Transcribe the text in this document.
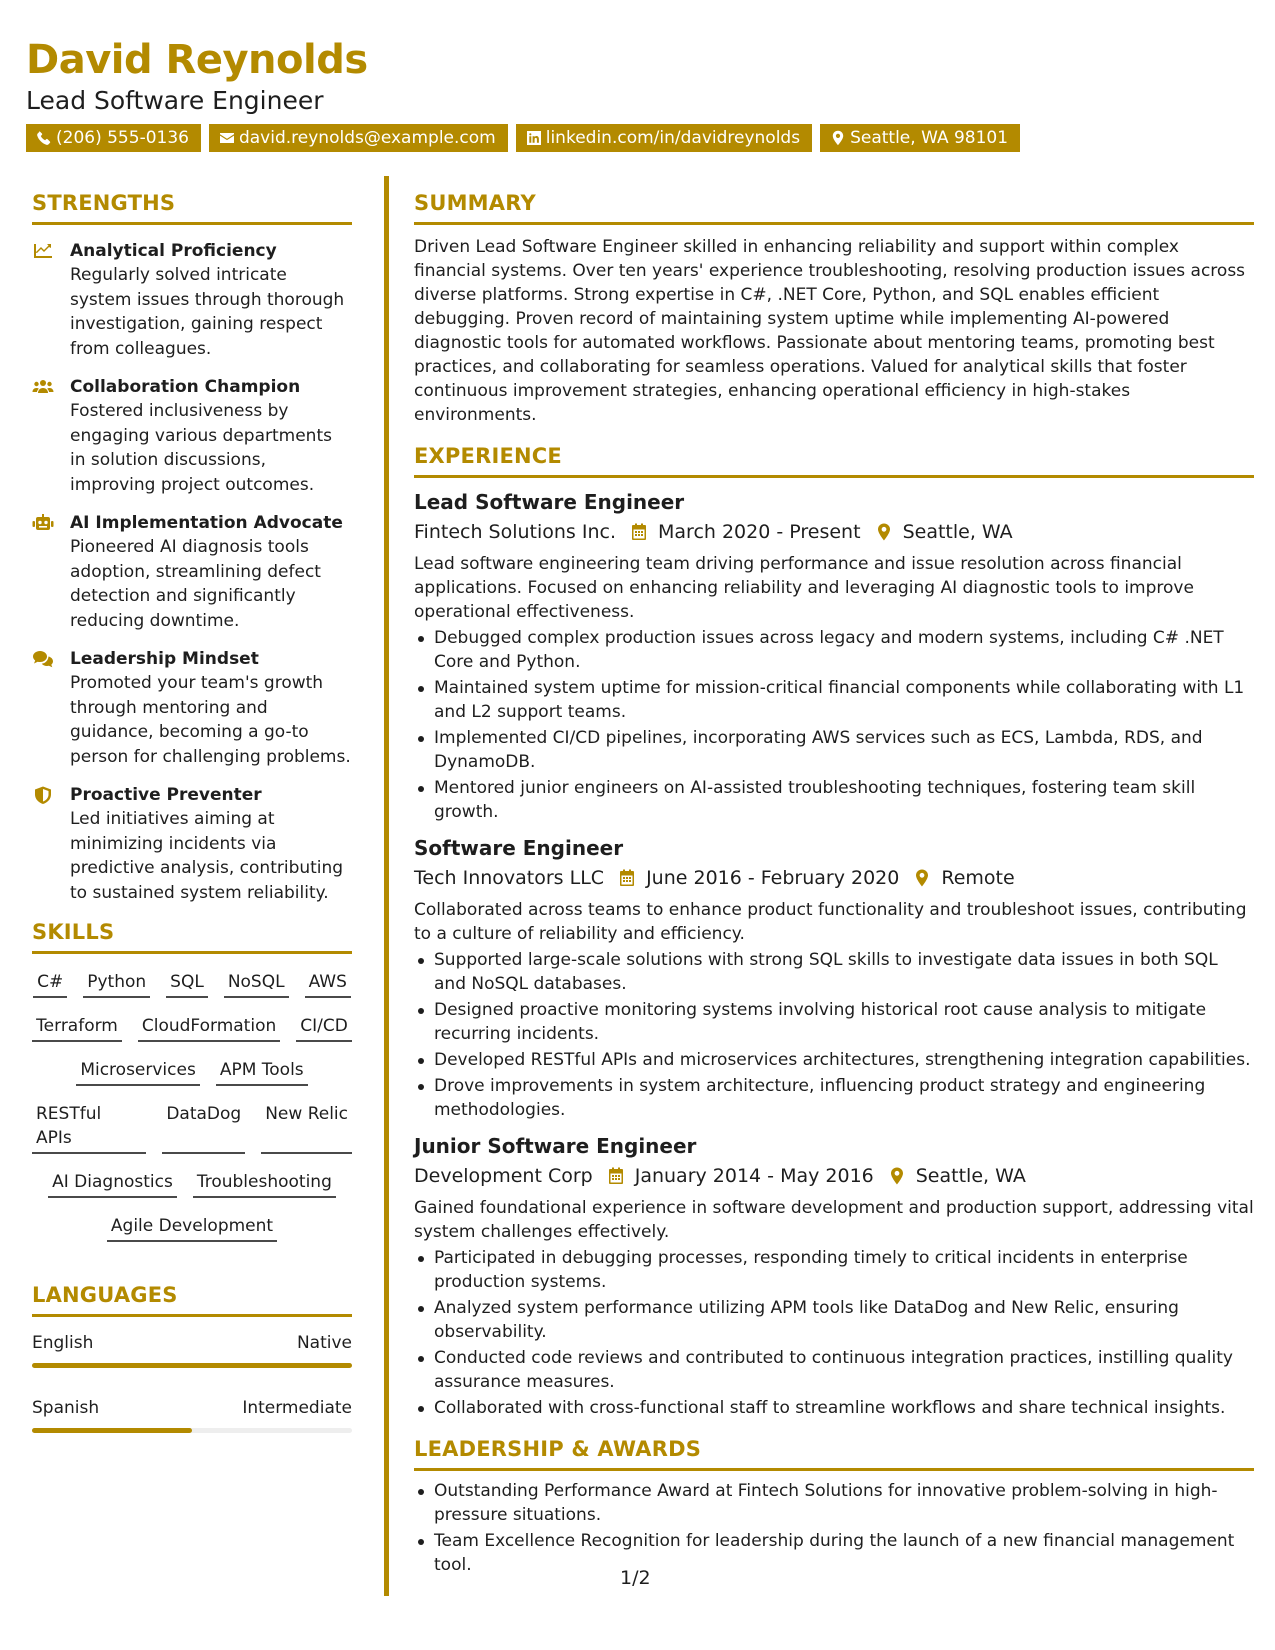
David Reynolds
Lead Software Engineer
(206) 555-0136	david.reynolds@example.com	linkedin.com/in/davidreynolds	Seattle, WA 98101
STRENGTHS
Analytical Proficiency
Regularly solved intricate system issues through thorough investigation, gaining respect from colleagues.
Collaboration Champion
Fostered inclusiveness by engaging various departments in solution discussions, improving project outcomes.
AI Implementation Advocate
Pioneered AI diagnosis tools adoption, streamlining defect detection and significantly reducing downtime.
Leadership Mindset
Promoted your team's growth through mentoring and guidance, becoming a go-to person for challenging problems.
Proactive Preventer
Led initiatives aiming at minimizing incidents via predictive analysis, contributing to sustained system reliability.
SKILLS
C# Python SQL NoSQL AWS
Terraform CloudFormation CI/CD
Microservices APM Tools
RESTful APIs
DataDog New Relic
AI Diagnostics Troubleshooting
Agile Development
LANGUAGES
English	Native
Spanish	Intermediate
SUMMARY
Driven Lead Software Engineer skilled in enhancing reliability and support within complex financial systems. Over ten years' experience troubleshooting, resolving production issues across diverse platforms. Strong expertise in C#, .NET Core, Python, and SQL enables efficient debugging. Proven record of maintaining system uptime while implementing AI-powered diagnostic tools for automated workflows. Passionate about mentoring teams, promoting best practices, and collaborating for seamless operations. Valued for analytical skills that foster continuous improvement strategies, enhancing operational efficiency in high-stakes environments.
EXPERIENCE
Lead Software Engineer
Fintech Solutions Inc. March 2020 - Present Seattle, WA
Lead software engineering team driving performance and issue resolution across financial applications. Focused on enhancing reliability and leveraging AI diagnostic tools to improve operational effectiveness.
Debugged complex production issues across legacy and modern systems, including C# .NET Core and Python.
Maintained system uptime for mission-critical financial components while collaborating with L1 and L2 support teams.
Implemented CI/CD pipelines, incorporating AWS services such as ECS, Lambda, RDS, and DynamoDB.
Mentored junior engineers on AI-assisted troubleshooting techniques, fostering team skill growth.
Software Engineer
Tech Innovators LLC June 2016 - February 2020 Remote
Collaborated across teams to enhance product functionality and troubleshoot issues, contributing to a culture of reliability and efficiency.
Supported large-scale solutions with strong SQL skills to investigate data issues in both SQL and NoSQL databases.
Designed proactive monitoring systems involving historical root cause analysis to mitigate recurring incidents.
Developed RESTful APIs and microservices architectures, strengthening integration capabilities.
Drove improvements in system architecture, influencing product strategy and engineering methodologies.
Junior Software Engineer
Development Corp January 2014 - May 2016 Seattle, WA
Gained foundational experience in software development and production support, addressing vital system challenges effectively.
Participated in debugging processes, responding timely to critical incidents in enterprise production systems.
Analyzed system performance utilizing APM tools like DataDog and New Relic, ensuring observability.
Conducted code reviews and contributed to continuous integration practices, instilling quality assurance measures.
Collaborated with cross-functional staff to streamline workflows and share technical insights.
LEADERSHIP & AWARDS
Outstanding Performance Award at Fintech Solutions for innovative problem-solving in high-pressure situations.
Team Excellence Recognition for leadership during the launch of a new financial management tool.
1/2
